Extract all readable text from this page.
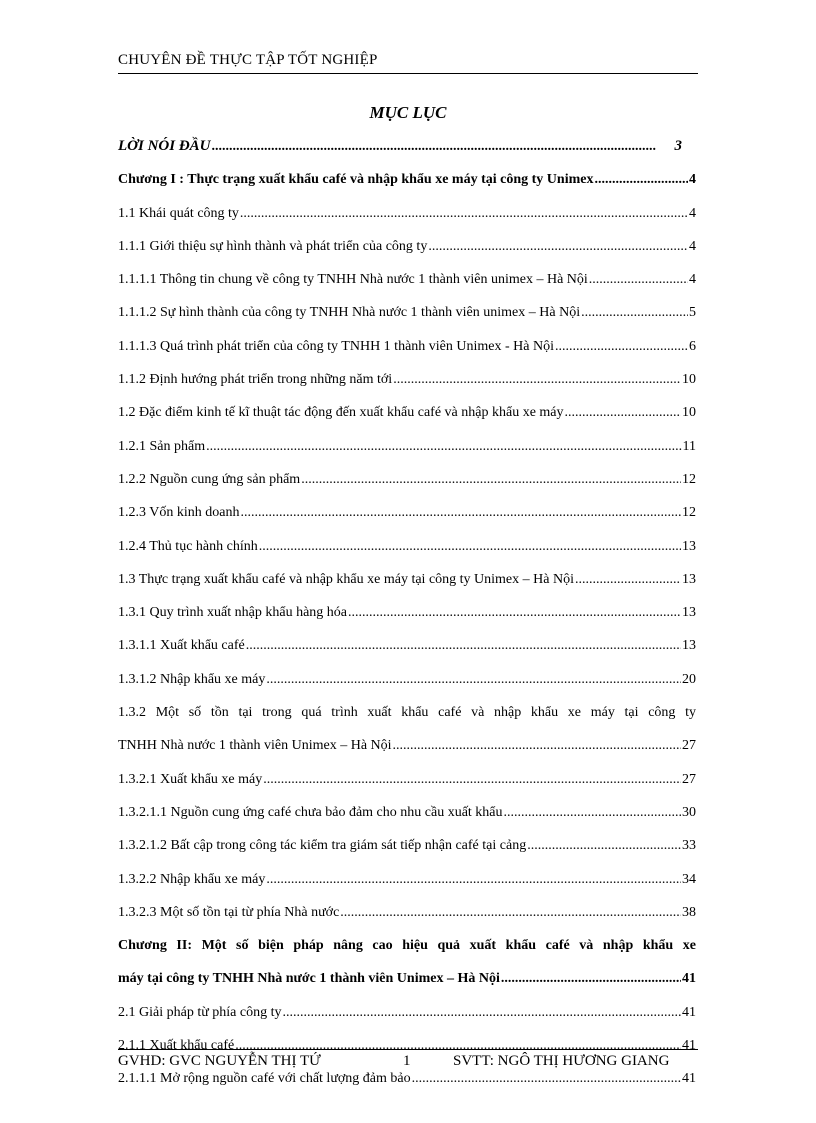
CHUYÊN ĐỀ THỰC TẬP TỐT NGHIỆP
MỤC LỤC
LỜI NÓI ĐẦU .....	3
Chương I : Thực trạng xuất khẩu café và nhập khẩu xe máy tại công ty Unimex .....	4
1.1 Khái quát công ty .....	4
1.1.1 Giới thiệu sự hình thành và phát triển của công ty .....	4
1.1.1.1 Thông tin chung về công ty TNHH Nhà nước 1 thành viên unimex – Hà Nội .....	4
1.1.1.2 Sự hình thành của công ty TNHH Nhà nước 1 thành viên unimex – Hà Nội .....	5
1.1.1.3 Quá trình phát triển của công ty TNHH 1 thành viên Unimex - Hà Nội .....	6
1.1.2 Định hướng phát triển trong những năm tới .....	10
1.2 Đặc điểm kinh tế kĩ thuật tác động đến xuất khẩu café và nhập khẩu xe máy .....	10
1.2.1 Sản phẩm .....	11
1.2.2 Nguồn cung ứng sản phẩm .....	12
1.2.3 Vốn kinh doanh .....	12
1.2.4 Thủ tục hành chính .....	13
1.3 Thực trạng xuất khẩu café và nhập khẩu xe máy tại công ty Unimex – Hà Nội .....	13
1.3.1 Quy trình xuất nhập khẩu hàng hóa .....	13
1.3.1.1 Xuất khẩu café .....	13
1.3.1.2 Nhập khẩu xe máy .....	20
1.3.2 Một số tồn tại trong quá trình xuất khẩu café và nhập khẩu xe máy tại công ty
TNHH Nhà nước 1 thành viên Unimex – Hà Nội .....	27
1.3.2.1 Xuất khẩu xe máy .....	27
1.3.2.1.1 Nguồn cung ứng café chưa bảo đảm cho nhu cầu xuất khẩu .....	30
1.3.2.1.2 Bất cập trong công tác kiểm tra giám sát tiếp nhận café tại cảng .....	33
1.3.2.2 Nhập khẩu xe máy .....	34
1.3.2.3 Một số tồn tại từ phía Nhà nước .....	38
Chương II: Một số biện pháp nâng cao hiệu quả xuất khẩu café và nhập khẩu xe
máy tại công ty TNHH Nhà nước 1 thành viên Unimex – Hà Nội .....	41
2.1 Giải pháp từ phía công ty .....	41
2.1.1 Xuất khẩu café .....	41
2.1.1.1 Mở rộng nguồn café với chất lượng đảm bảo .....	41
GVHD: GVC NGUYỄN THỊ TỨ	1	SVTT: NGÔ THỊ HƯƠNG GIANG
